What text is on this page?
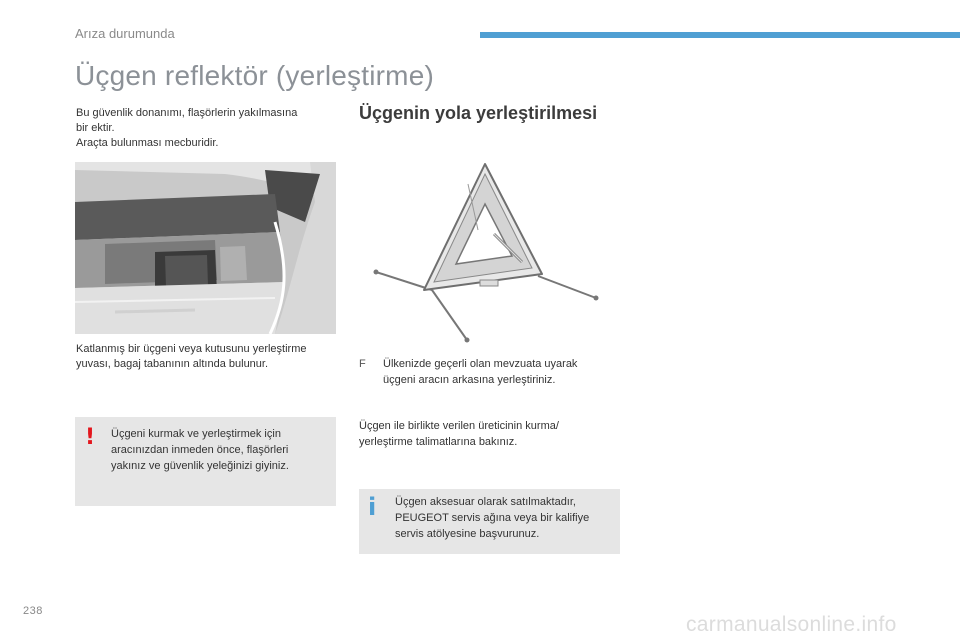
Arıza durumunda
Üçgen reflektör (yerleştirme)
Bu güvenlik donanımı, flaşörlerin yakılmasına
bir ektir.
Araçta bulunması mecburidir.
Üçgenin yola yerleştirilmesi
Katlanmış bir üçgeni veya kutusunu yerleştirme
yuvası, bagaj tabanının altında bulunur.
!	Üçgeni kurmak ve yerleştirmek için
aracınızdan inmeden önce, flaşörleri
yakınız ve güvenlik yeleğinizi giyiniz.
F	Ülkenizde geçerli olan mevzuata uyarak
üçgeni aracın arkasına yerleştiriniz.
Üçgen ile birlikte verilen üreticinin kurma/
yerleştirme talimatlarına bakınız.
i	Üçgen aksesuar olarak satılmaktadır,
PEUGEOT servis ağına veya bir kalifiye
servis atölyesine başvurunuz.
238
carmanualsonline.info
